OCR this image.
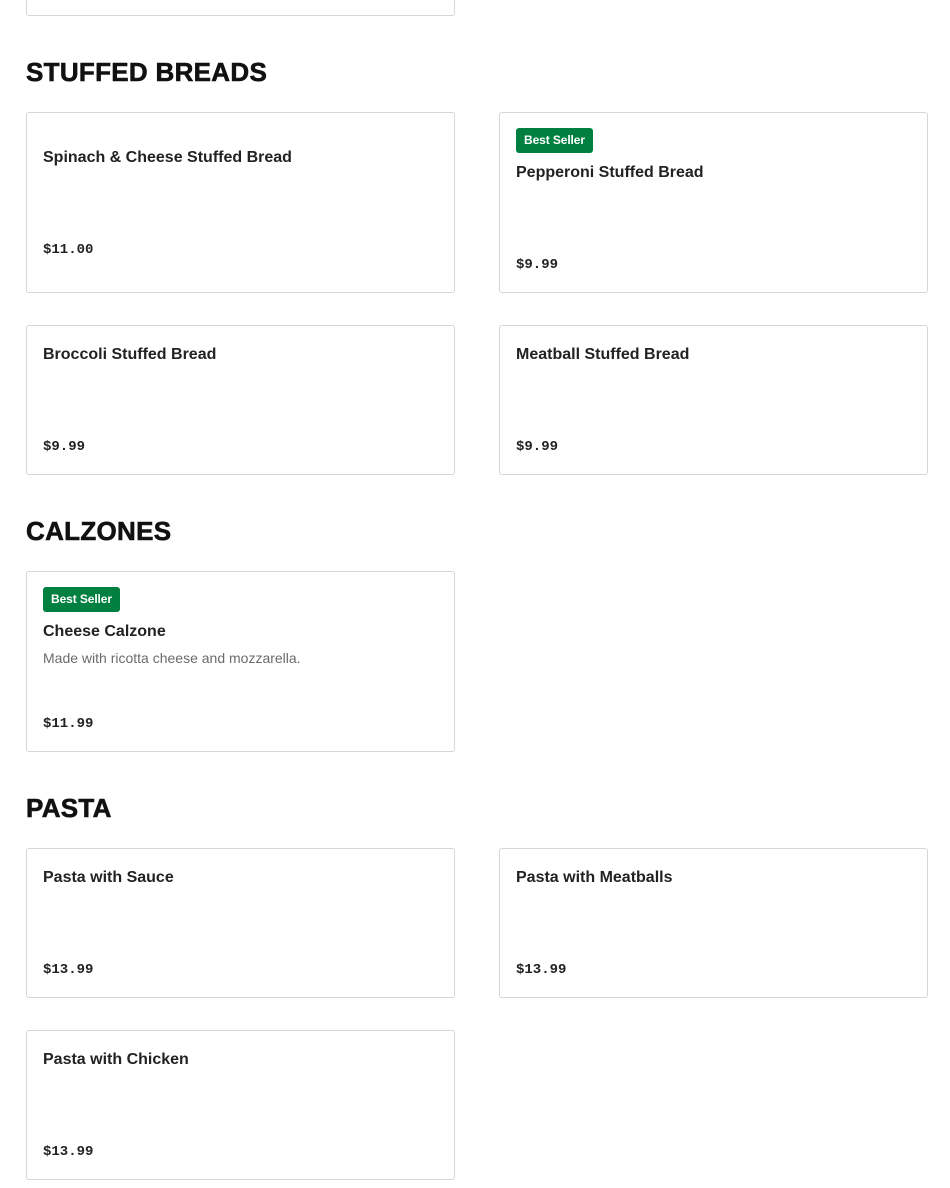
STUFFED BREADS
Spinach & Cheese Stuffed Bread
$11.00
Best Seller
Pepperoni Stuffed Bread
$9.99
Broccoli Stuffed Bread
$9.99
Meatball Stuffed Bread
$9.99
CALZONES
Best Seller
Cheese Calzone
Made with ricotta cheese and mozzarella.
$11.99
PASTA
Pasta with Sauce
$13.99
Pasta with Meatballs
$13.99
Pasta with Chicken
$13.99
